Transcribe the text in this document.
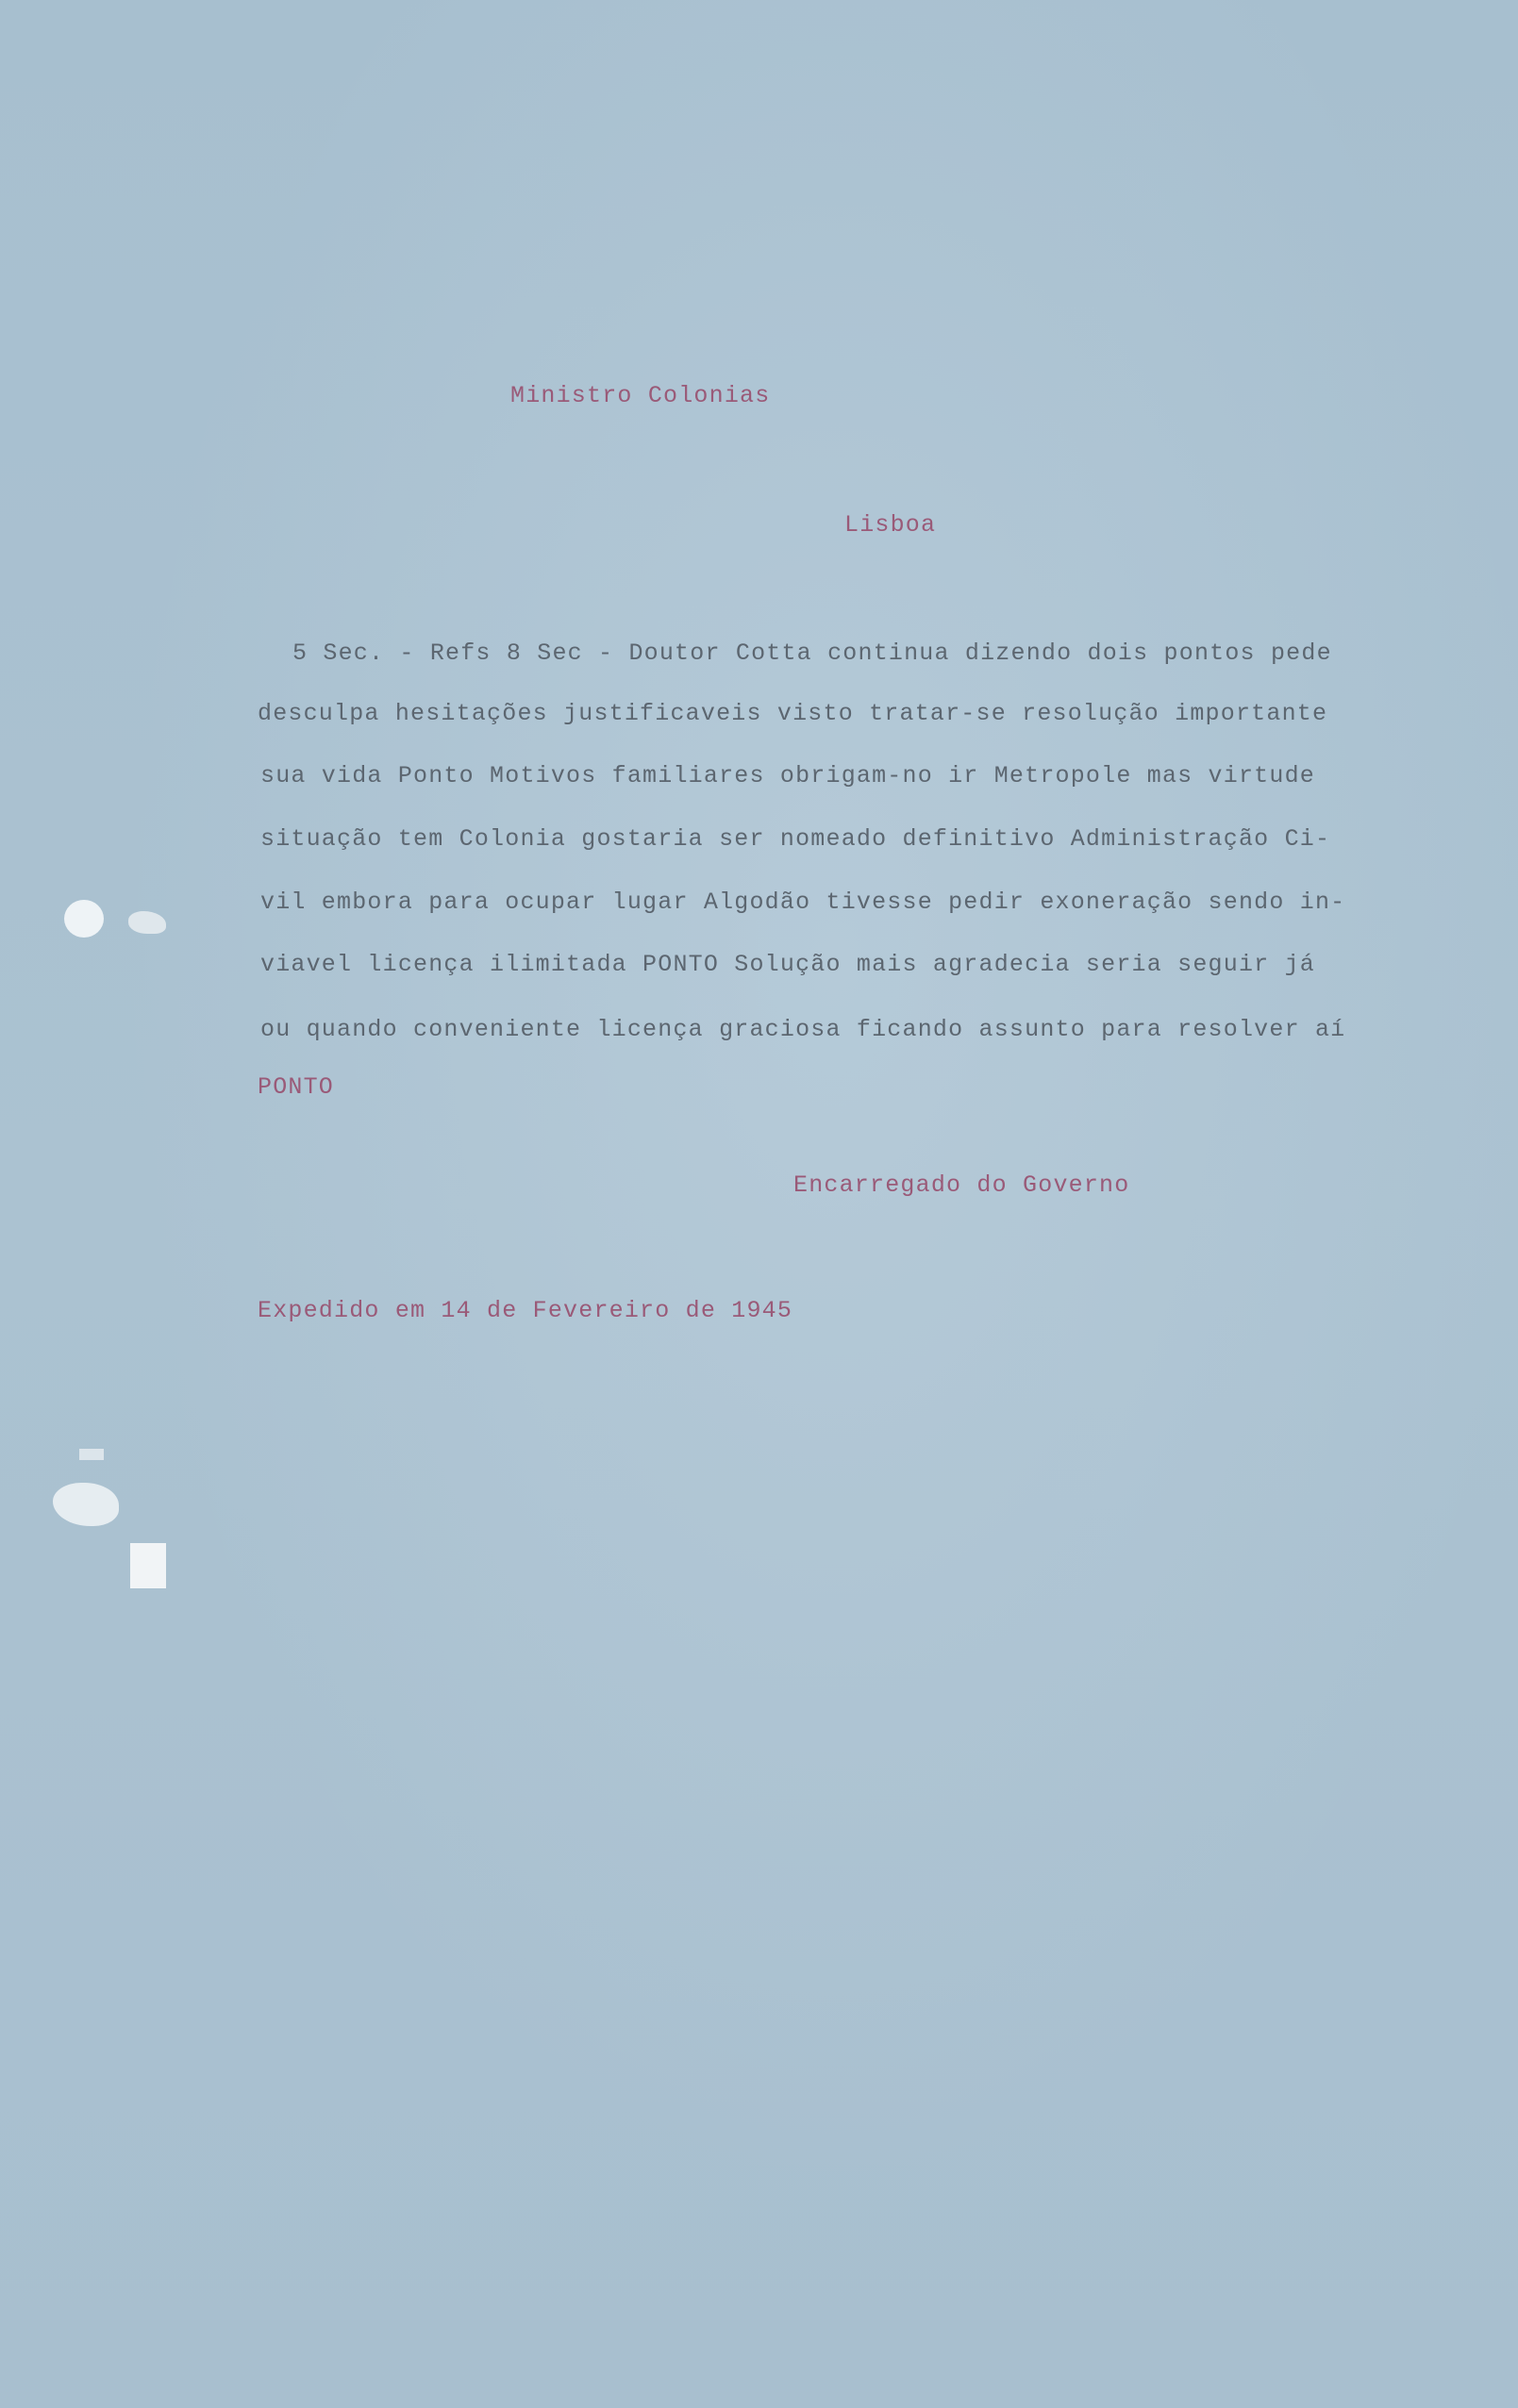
Ministro Colonias
Lisboa
5 Sec. - Refs 8 Sec - Doutor Cotta continua dizendo dois pontos pede
desculpa hesitações justificaveis visto tratar-se resolução importante
sua vida Ponto Motivos familiares obrigam-no ir Metropole mas virtude
situação tem Colonia gostaria ser nomeado definitivo Administração Ci-
vil embora para ocupar lugar Algodão tivesse pedir exoneração sendo in-
viavel licença ilimitada PONTO Solução mais agradecia seria seguir já
ou quando conveniente licença graciosa ficando assunto para resolver aí
PONTO
Encarregado do Governo
Expedido em 14 de Fevereiro de 1945
